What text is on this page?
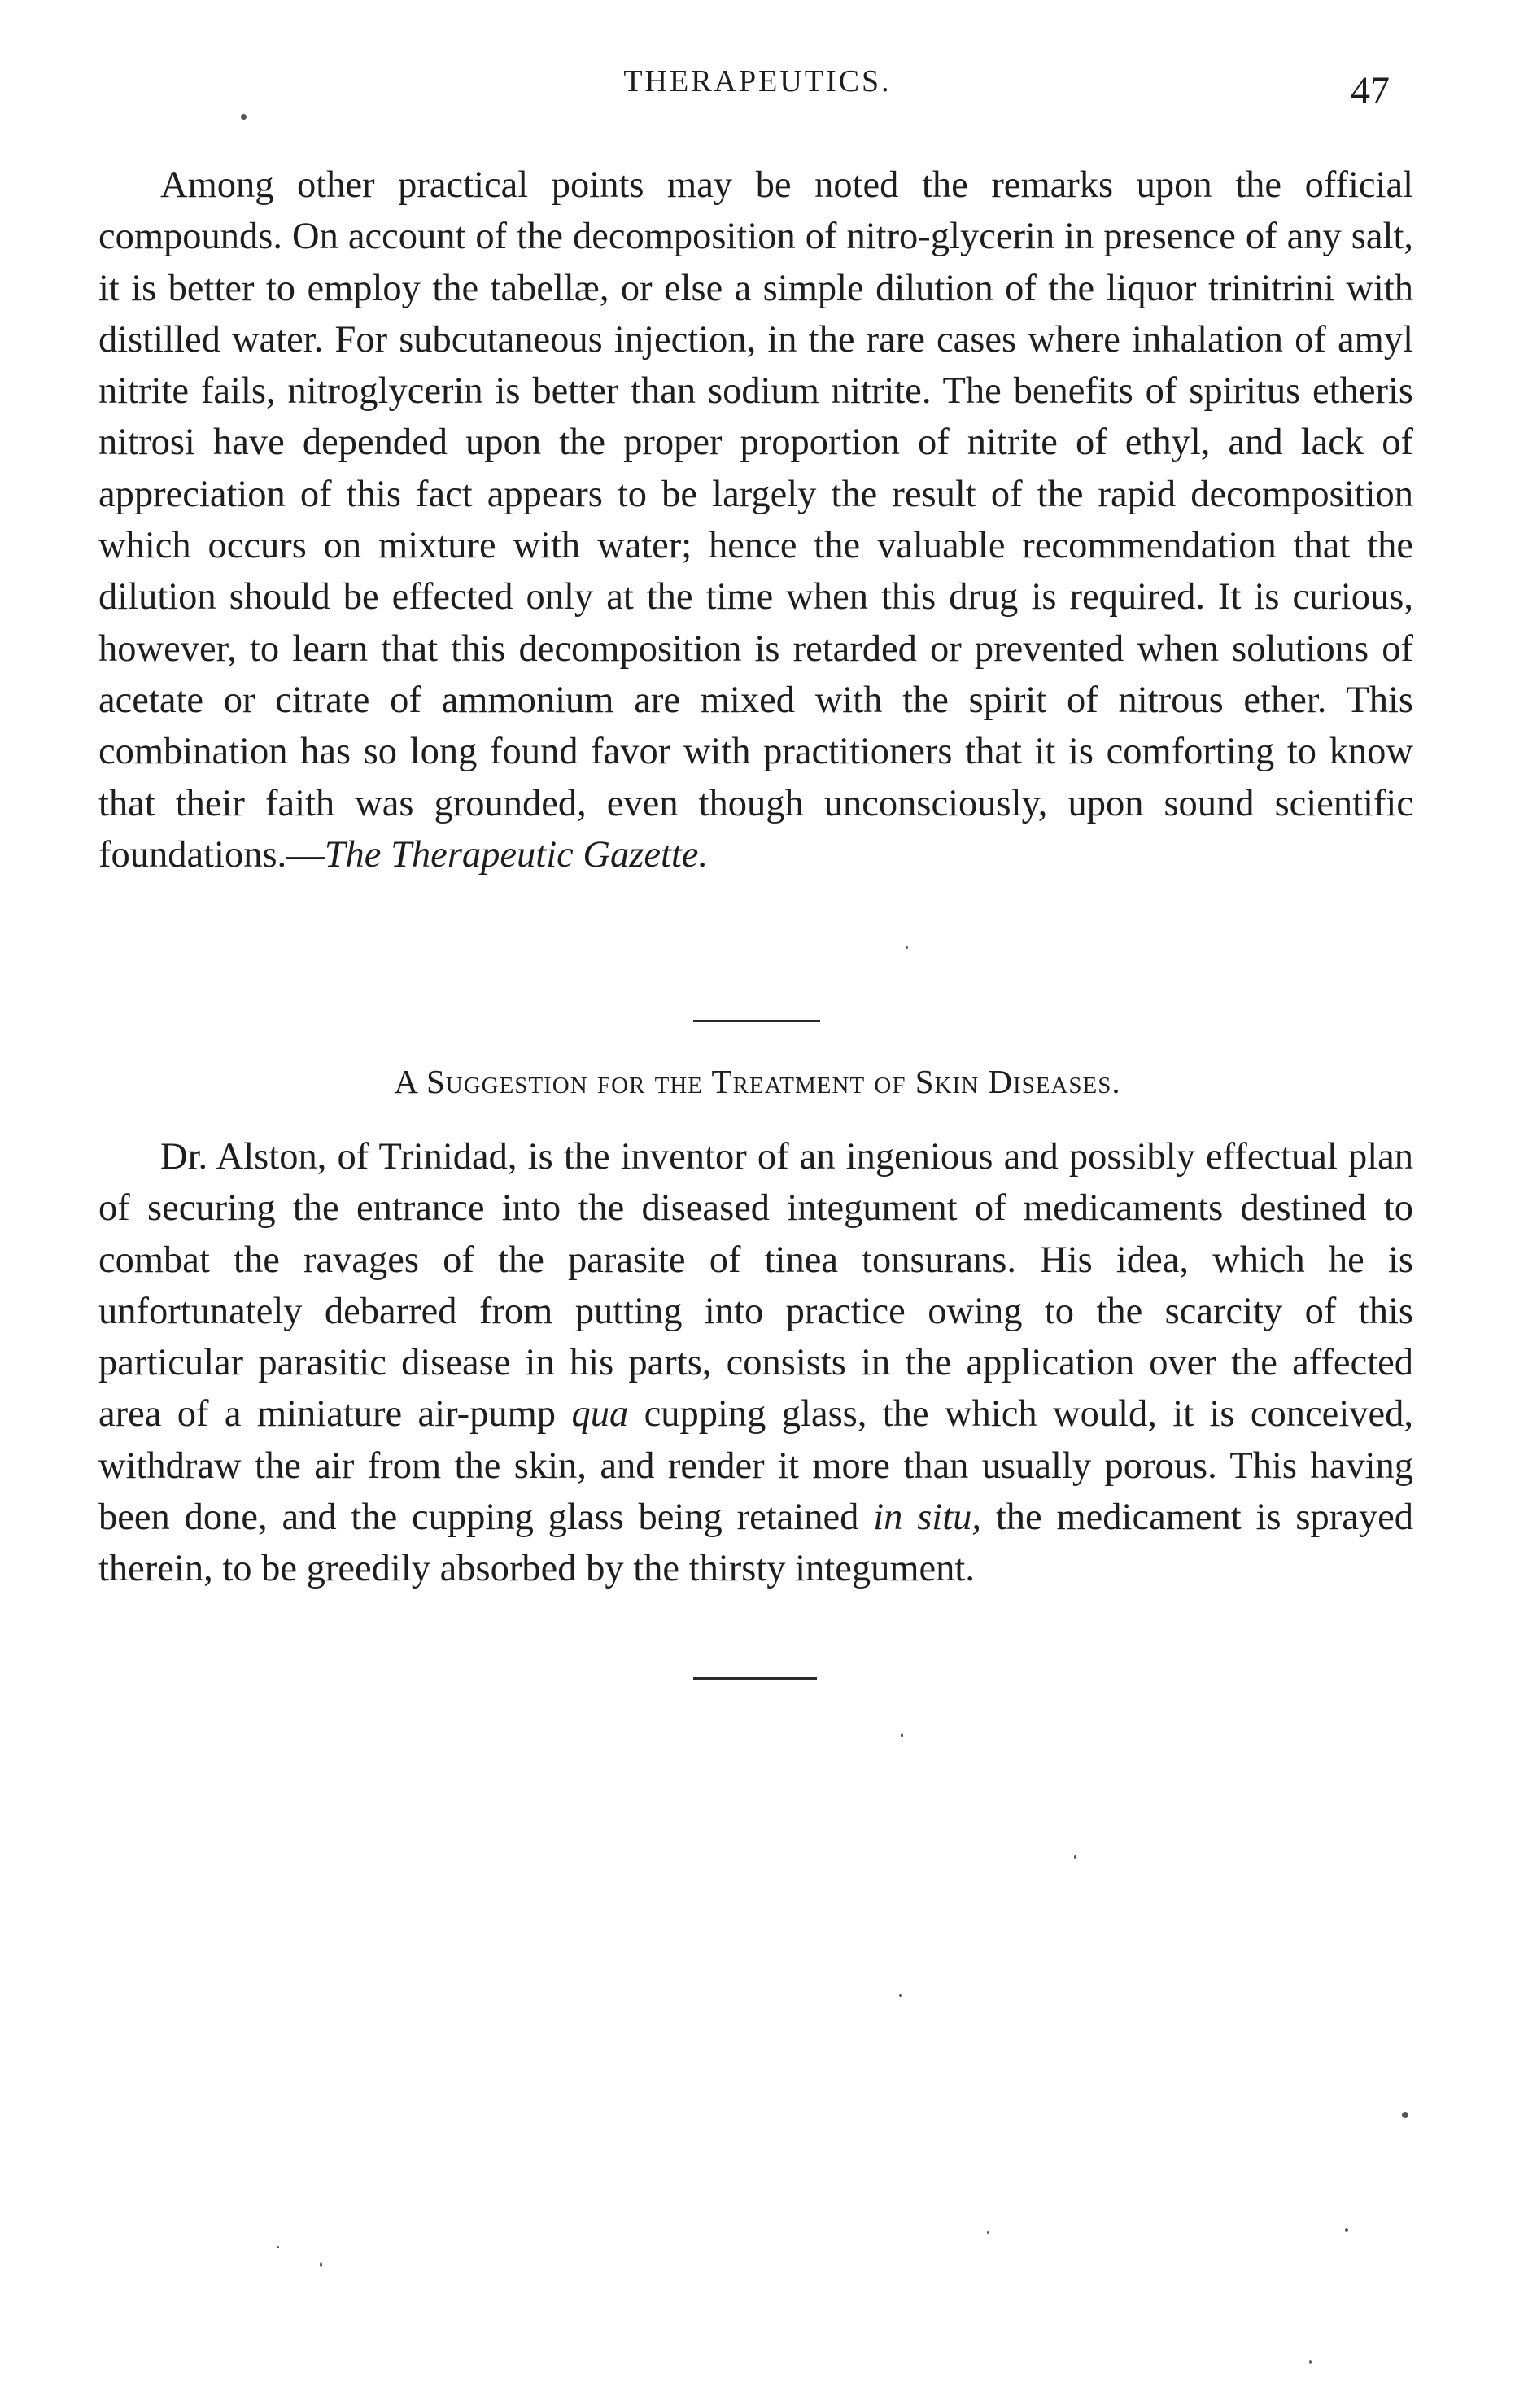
THERAPEUTICS.	47

Among other practical points may be noted the remarks upon the official compounds. On account of the decomposition of nitro-glycerin in presence of any salt, it is better to employ the tabellæ, or else a simple dilution of the liquor trinitrini with distilled water. For subcutaneous injection, in the rare cases where inhalation of amyl nitrite fails, nitroglycerin is better than sodium nitrite. The benefits of spiritus etheris nitrosi have depended upon the proper proportion of nitrite of ethyl, and lack of appreciation of this fact appears to be largely the result of the rapid decomposition which occurs on mixture with water; hence the valuable recommendation that the dilution should be effected only at the time when this drug is required. It is curious, however, to learn that this decomposition is retarded or prevented when solutions of acetate or citrate of ammonium are mixed with the spirit of nitrous ether. This combination has so long found favor with practitioners that it is comforting to know that their faith was grounded, even though unconsciously, upon sound scientific foundations.—The Therapeutic Gazette.

A Suggestion for the Treatment of Skin Diseases.

Dr. Alston, of Trinidad, is the inventor of an ingenious and possibly effectual plan of securing the entrance into the diseased integument of medicaments destined to combat the ravages of the parasite of tinea tonsurans. His idea, which he is unfortunately debarred from putting into practice owing to the scarcity of this particular parasitic disease in his parts, consists in the application over the affected area of a miniature air-pump qua cupping glass, the which would, it is conceived, withdraw the air from the skin, and render it more than usually porous. This having been done, and the cupping glass being retained in situ, the medicament is sprayed therein, to be greedily absorbed by the thirsty integument.
